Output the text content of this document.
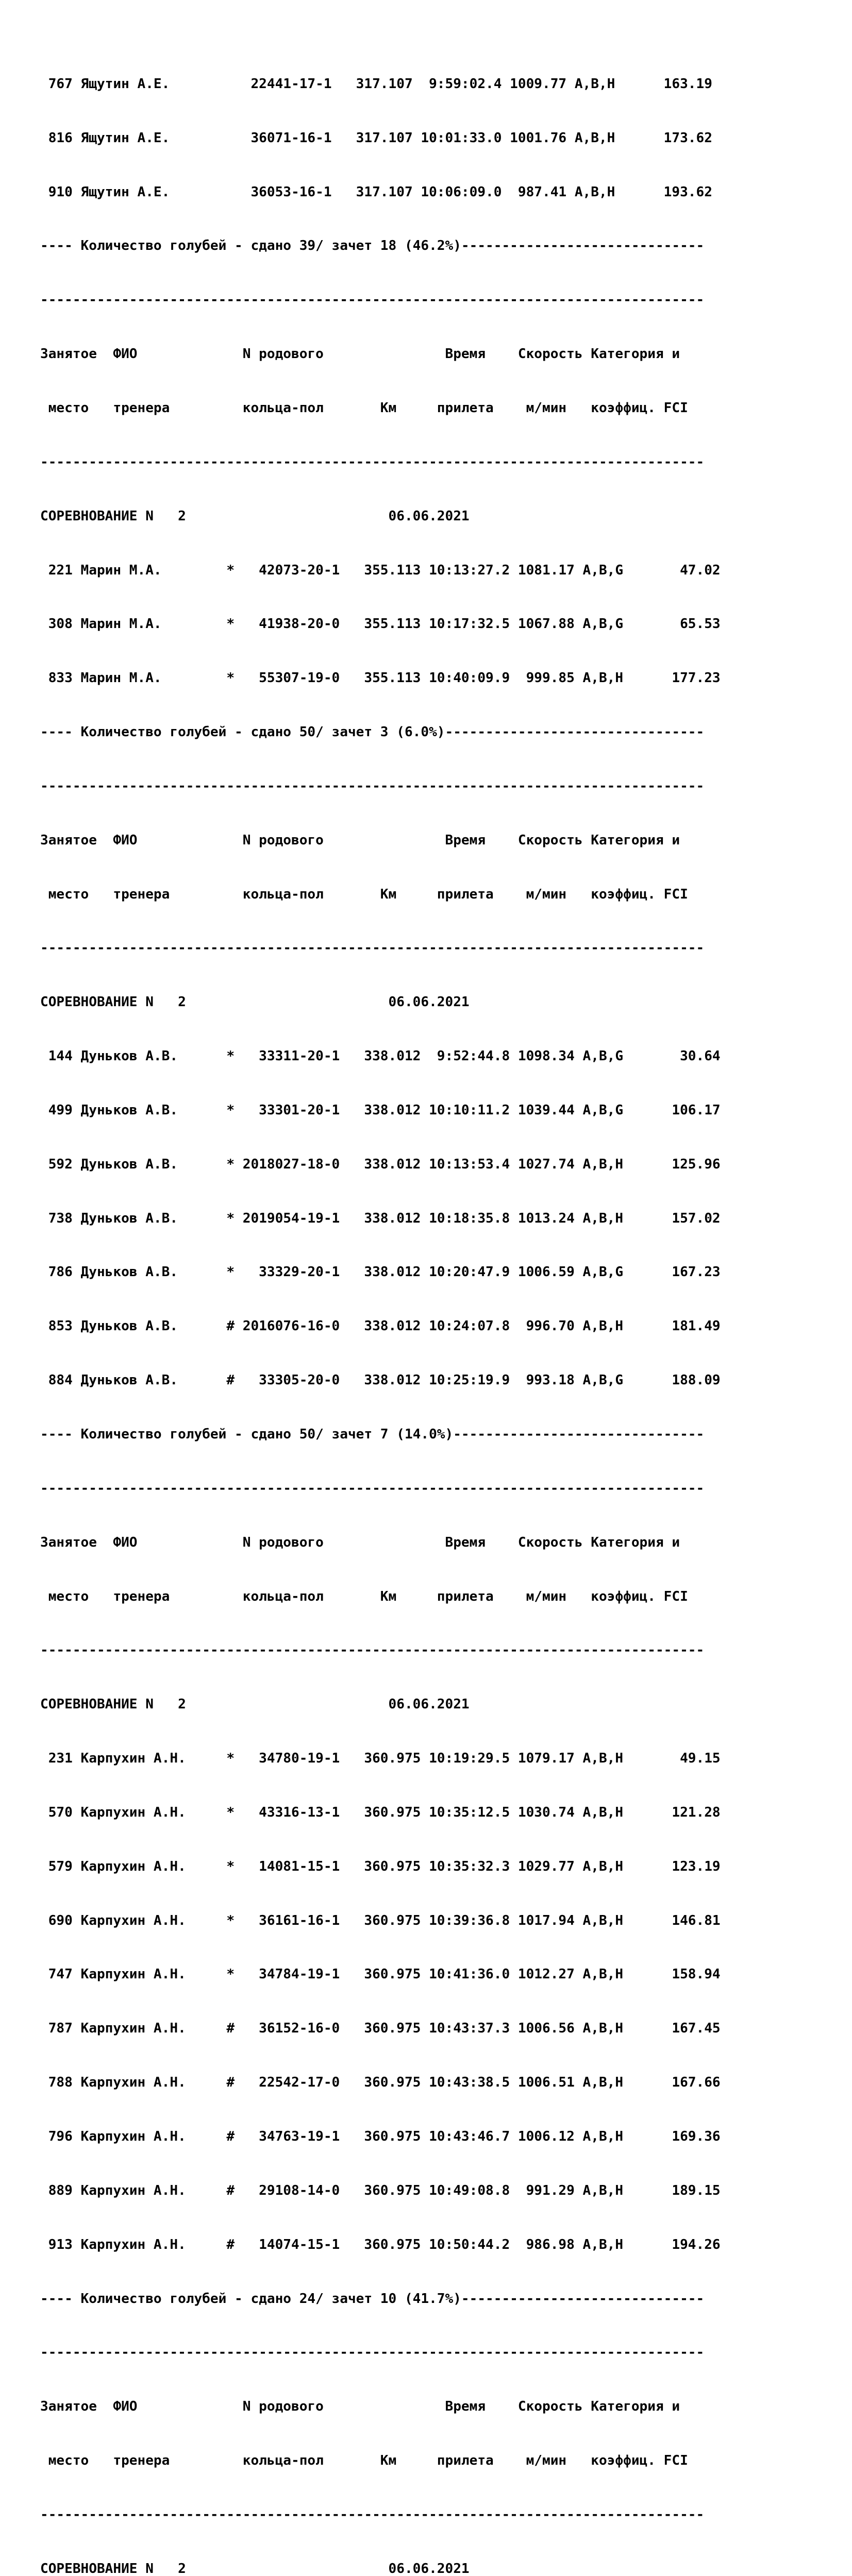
767 Ящутин А.Е.          22441-17-1   317.107  9:59:02.4 1009.77 A,B,H      163.19

816 Ящутин А.Е.          36071-16-1   317.107 10:01:33.0 1001.76 A,B,H      173.62

910 Ящутин А.Е.          36053-16-1   317.107 10:06:09.0  987.41 A,B,H      193.62

---- Количество голубей - сдано 39/ зачет 18 (46.2%)------------------------------

----------------------------------------------------------------------------------

Занятое  ФИО             N родового               Время    Скорость Категория и

место   тренера         кольца-пол       Км     прилета    м/мин   коэффиц. FCI

----------------------------------------------------------------------------------

СОРЕВНОВАНИЕ N   2                         06.06.2021

221 Марин М.А.        *   42073-20-1   355.113 10:13:27.2 1081.17 A,B,G       47.02

308 Марин М.А.        *   41938-20-0   355.113 10:17:32.5 1067.88 A,B,G       65.53

833 Марин М.А.        *   55307-19-0   355.113 10:40:09.9  999.85 A,B,H      177.23

---- Количество голубей - сдано 50/ зачет 3 (6.0%)--------------------------------

----------------------------------------------------------------------------------

Занятое  ФИО             N родового               Время    Скорость Категория и

место   тренера         кольца-пол       Км     прилета    м/мин   коэффиц. FCI

----------------------------------------------------------------------------------

СОРЕВНОВАНИЕ N   2                         06.06.2021

144 Дуньков А.В.      *   33311-20-1   338.012  9:52:44.8 1098.34 A,B,G       30.64

499 Дуньков А.В.      *   33301-20-1   338.012 10:10:11.2 1039.44 A,B,G      106.17

592 Дуньков А.В.      * 2018027-18-0   338.012 10:13:53.4 1027.74 A,B,H      125.96

738 Дуньков А.В.      * 2019054-19-1   338.012 10:18:35.8 1013.24 A,B,H      157.02

786 Дуньков А.В.      *   33329-20-1   338.012 10:20:47.9 1006.59 A,B,G      167.23

853 Дуньков А.В.      # 2016076-16-0   338.012 10:24:07.8  996.70 A,B,H      181.49

884 Дуньков А.В.      #   33305-20-0   338.012 10:25:19.9  993.18 A,B,G      188.09

---- Количество голубей - сдано 50/ зачет 7 (14.0%)-------------------------------

----------------------------------------------------------------------------------

Занятое  ФИО             N родового               Время    Скорость Категория и

место   тренера         кольца-пол       Км     прилета    м/мин   коэффиц. FCI

----------------------------------------------------------------------------------

СОРЕВНОВАНИЕ N   2                         06.06.2021

231 Карпухин А.Н.     *   34780-19-1   360.975 10:19:29.5 1079.17 A,B,H       49.15

570 Карпухин А.Н.     *   43316-13-1   360.975 10:35:12.5 1030.74 A,B,H      121.28

579 Карпухин А.Н.     *   14081-15-1   360.975 10:35:32.3 1029.77 A,B,H      123.19

690 Карпухин А.Н.     *   36161-16-1   360.975 10:39:36.8 1017.94 A,B,H      146.81

747 Карпухин А.Н.     *   34784-19-1   360.975 10:41:36.0 1012.27 A,B,H      158.94

787 Карпухин А.Н.     #   36152-16-0   360.975 10:43:37.3 1006.56 A,B,H      167.45

788 Карпухин А.Н.     #   22542-17-0   360.975 10:43:38.5 1006.51 A,B,H      167.66

796 Карпухин А.Н.     #   34763-19-1   360.975 10:43:46.7 1006.12 A,B,H      169.36

889 Карпухин А.Н.     #   29108-14-0   360.975 10:49:08.8  991.29 A,B,H      189.15

913 Карпухин А.Н.     #   14074-15-1   360.975 10:50:44.2  986.98 A,B,H      194.26

---- Количество голубей - сдано 24/ зачет 10 (41.7%)------------------------------

----------------------------------------------------------------------------------

Занятое  ФИО             N родового               Время    Скорость Категория и

место   тренера         кольца-пол       Км     прилета    м/мин   коэффиц. FCI

----------------------------------------------------------------------------------

СОРЕВНОВАНИЕ N   2                         06.06.2021
